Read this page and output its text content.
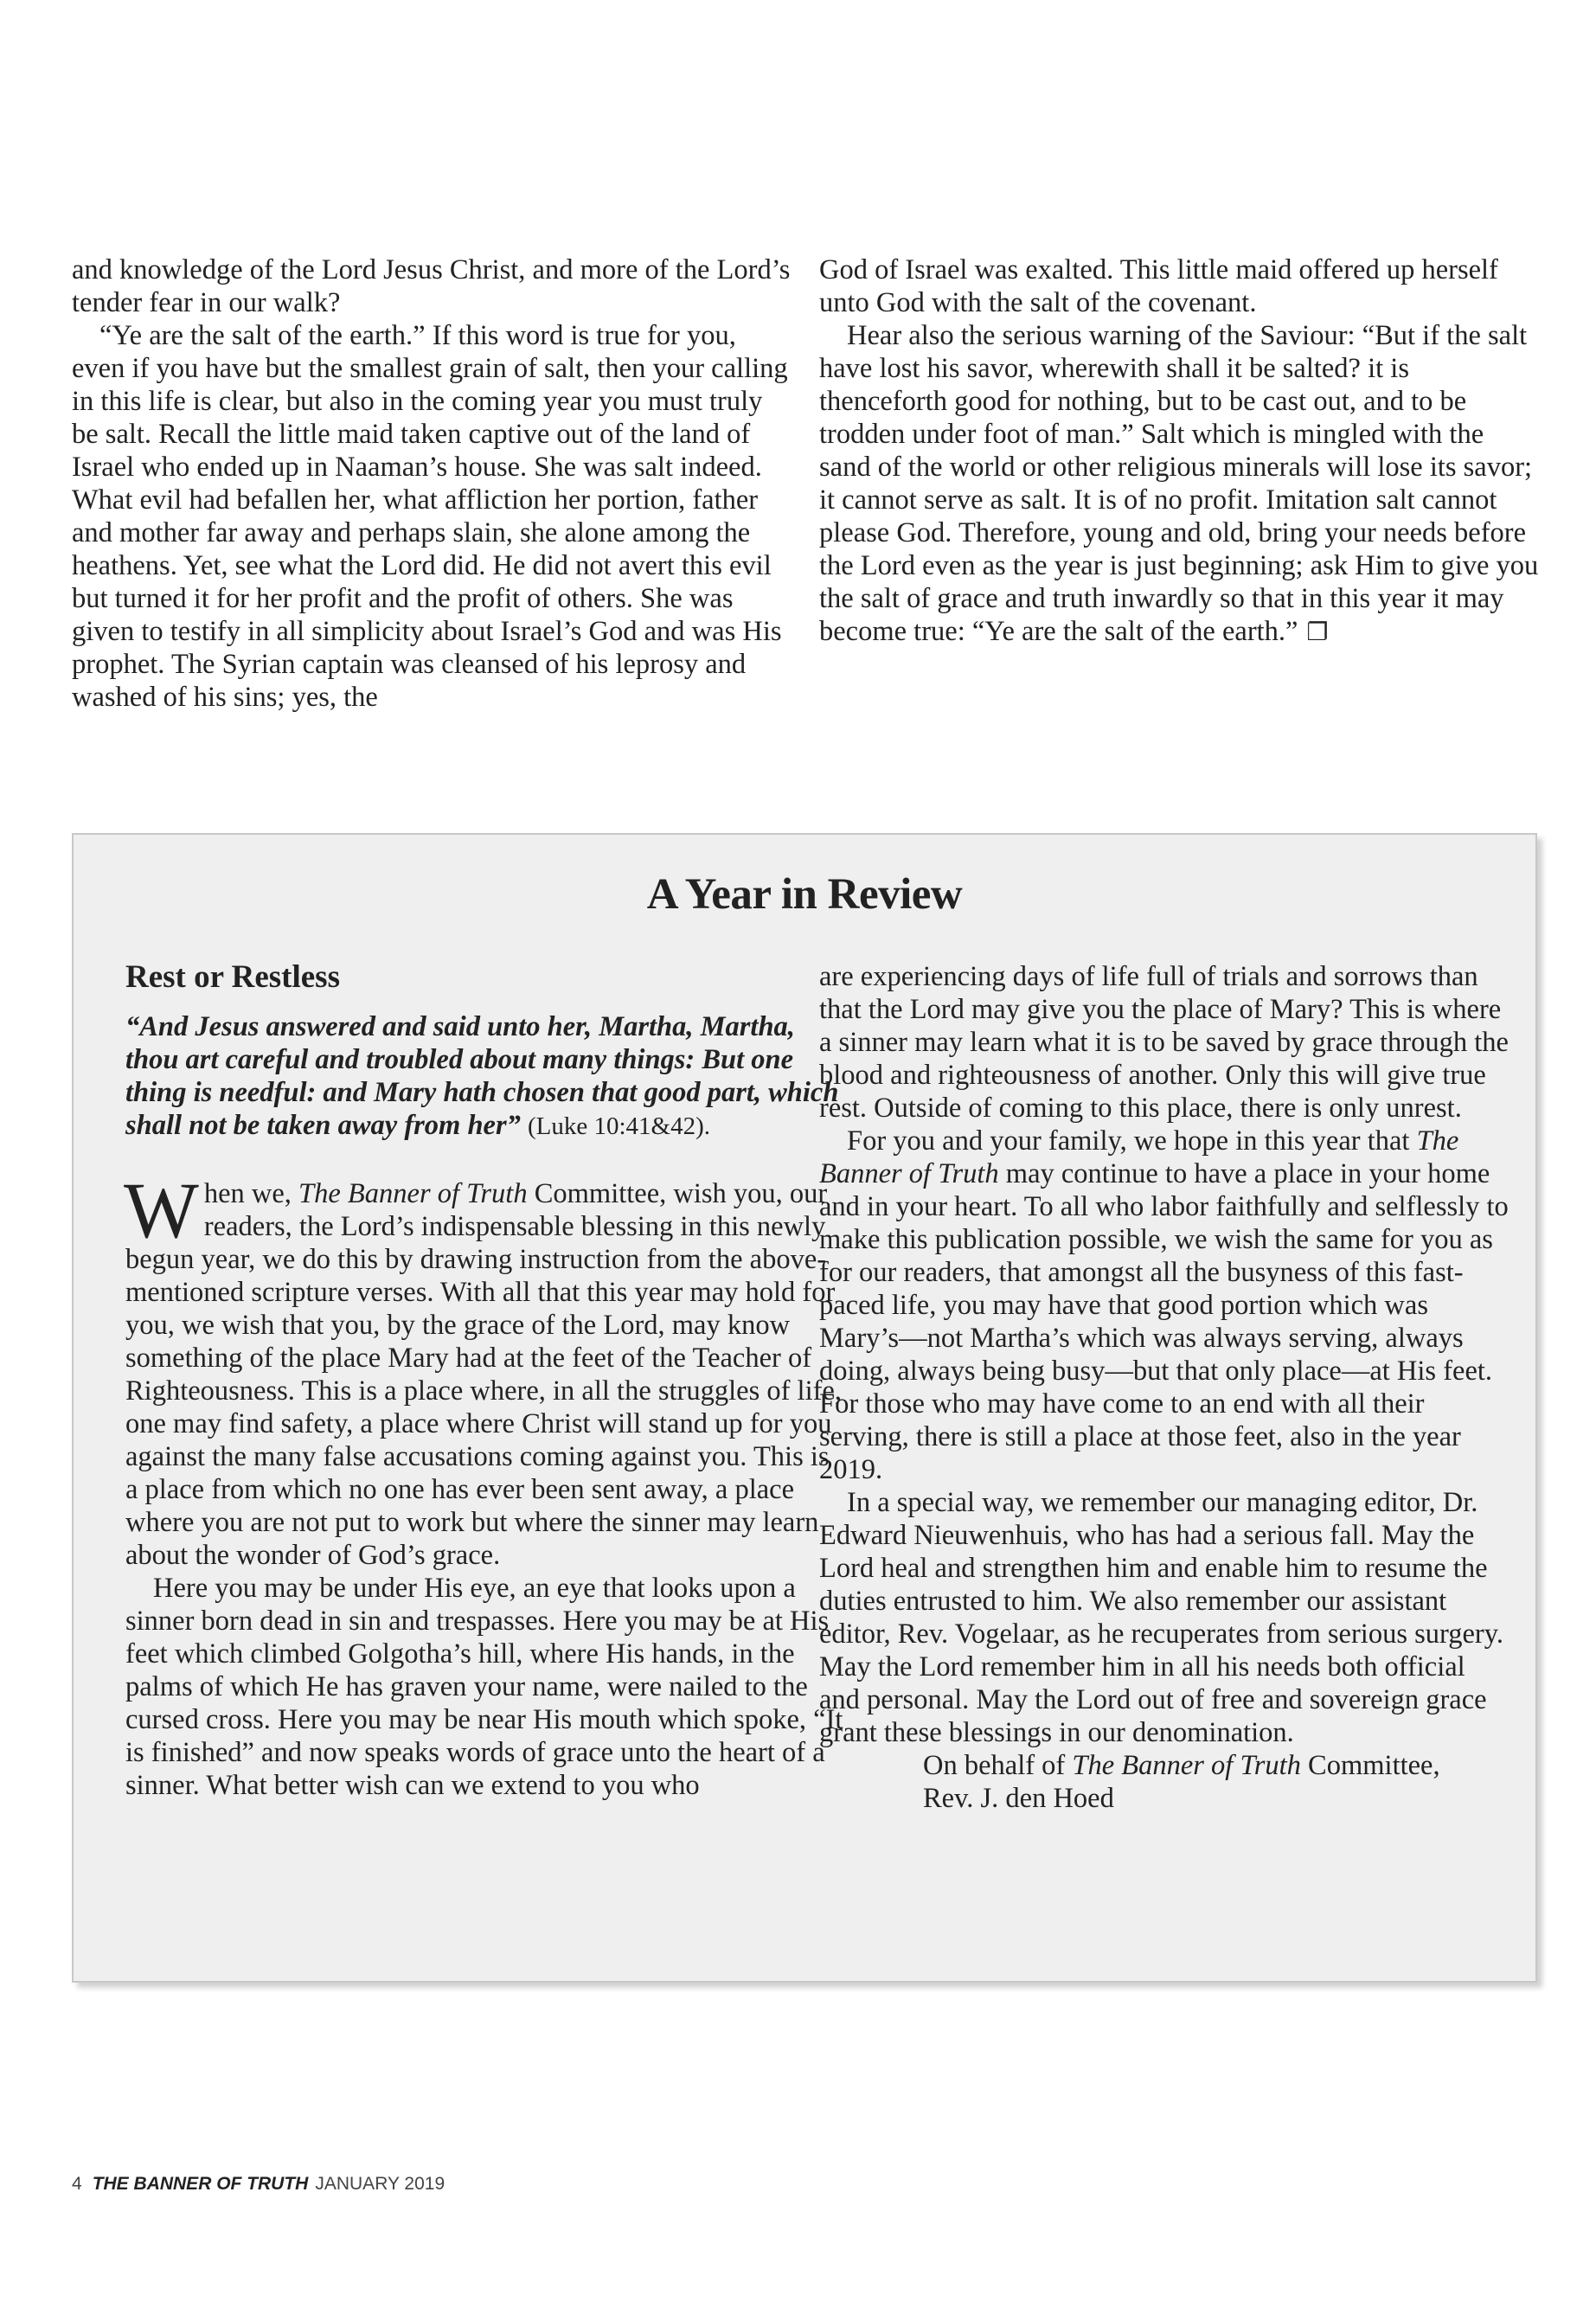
and knowledge of the Lord Jesus Christ, and more of the Lord’s tender fear in our walk?

“Ye are the salt of the earth.” If this word is true for you, even if you have but the smallest grain of salt, then your calling in this life is clear, but also in the coming year you must truly be salt. Recall the little maid taken captive out of the land of Israel who ended up in Naaman’s house. She was salt indeed. What evil had befallen her, what affliction her portion, father and mother far away and perhaps slain, she alone among the heathens. Yet, see what the Lord did. He did not avert this evil but turned it for her profit and the profit of others. She was given to testify in all simplicity about Israel’s God and was His prophet. The Syrian captain was cleansed of his leprosy and washed of his sins; yes, the

God of Israel was exalted. This little maid offered up herself unto God with the salt of the covenant.

Hear also the serious warning of the Saviour: “But if the salt have lost his savor, wherewith shall it be salted? it is thenceforth good for nothing, but to be cast out, and to be trodden under foot of man.” Salt which is mingled with the sand of the world or other religious minerals will lose its savor; it cannot serve as salt. It is of no profit. Imitation salt cannot please God. Therefore, young and old, bring your needs before the Lord even as the year is just beginning; ask Him to give you the salt of grace and truth inwardly so that in this year it may become true: “Ye are the salt of the earth.” ❐

A Year in Review
Rest or Restless

“And Jesus answered and said unto her, Martha, Martha, thou art careful and troubled about many things: But one thing is needful: and Mary hath chosen that good part, which shall not be taken away from her” (Luke 10:41&42).

When we, The Banner of Truth Committee, wish you, our readers, the Lord’s indispensable blessing in this newly begun year, we do this by drawing instruction from the above-mentioned scripture verses. With all that this year may hold for you, we wish that you, by the grace of the Lord, may know something of the place Mary had at the feet of the Teacher of Righteousness. This is a place where, in all the struggles of life, one may find safety, a place where Christ will stand up for you against the many false accusations coming against you. This is a place from which no one has ever been sent away, a place where you are not put to work but where the sinner may learn about the wonder of God’s grace.

Here you may be under His eye, an eye that looks upon a sinner born dead in sin and trespasses. Here you may be at His feet which climbed Golgotha’s hill, where His hands, in the palms of which He has graven your name, were nailed to the cursed cross. Here you may be near His mouth which spoke, “It is finished” and now speaks words of grace unto the heart of a sinner. What better wish can we extend to you who

are experiencing days of life full of trials and sorrows than that the Lord may give you the place of Mary? This is where a sinner may learn what it is to be saved by grace through the blood and righteousness of another. Only this will give true rest. Outside of coming to this place, there is only unrest.

For you and your family, we hope in this year that The Banner of Truth may continue to have a place in your home and in your heart. To all who labor faithfully and selflessly to make this publication possible, we wish the same for you as for our readers, that amongst all the busyness of this fast-paced life, you may have that good portion which was Mary’s—not Martha’s which was always serving, always doing, always being busy—but that only place—at His feet. For those who may have come to an end with all their serving, there is still a place at those feet, also in the year 2019.

In a special way, we remember our managing editor, Dr. Edward Nieuwenhuis, who has had a serious fall. May the Lord heal and strengthen him and enable him to resume the duties entrusted to him. We also remember our assistant editor, Rev. Vogelaar, as he recuperates from serious surgery. May the Lord remember him in all his needs both official and personal. May the Lord out of free and sovereign grace grant these blessings in our denomination.

On behalf of The Banner of Truth Committee,

Rev. J. den Hoed

4 THE BANNER OF TRUTH JANUARY 2019
